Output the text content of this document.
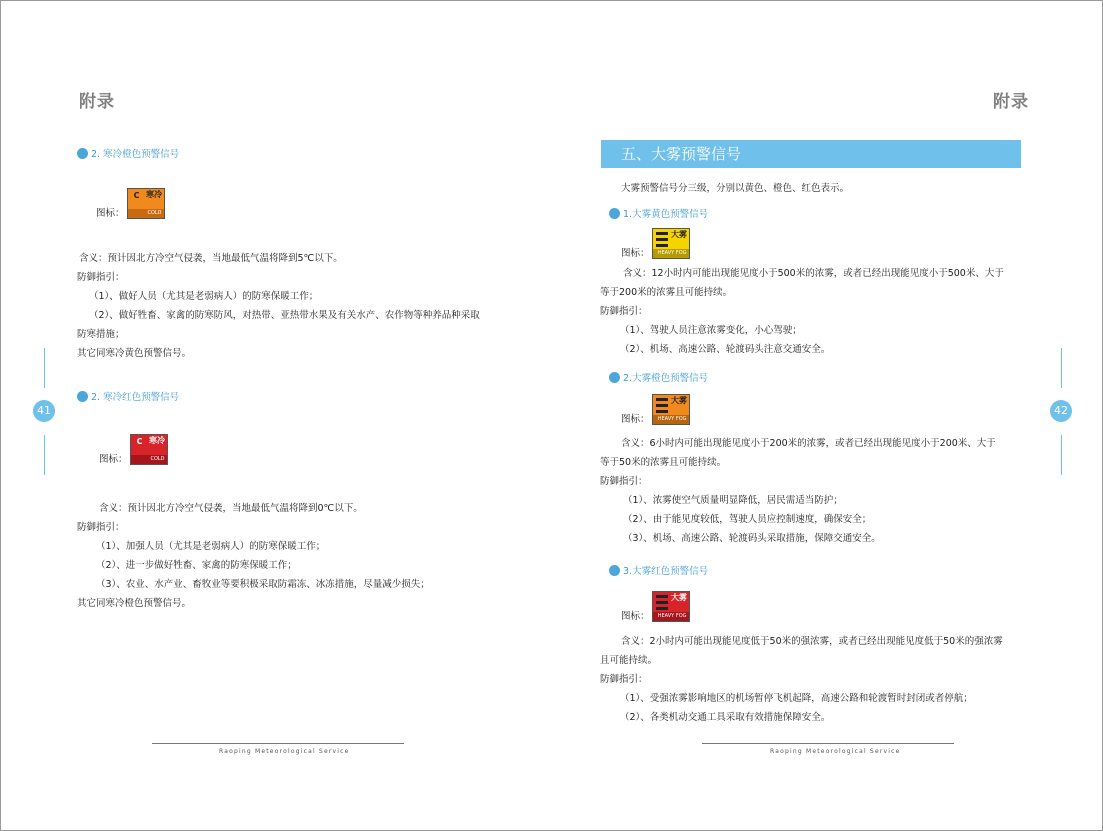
附录
2. 寒冷橙色预警信号
图标：
C 寒冷
COLD
含义：预计因北方冷空气侵袭，当地最低气温将降到5℃以下。
防御指引：
（1）、做好人员（尤其是老弱病人）的防寒保暖工作；
（2）、做好牲畜、家禽的防寒防风，对热带、亚热带水果及有关水产、农作物等种养品种采取
防寒措施；
其它同寒冷黄色预警信号。
2. 寒冷红色预警信号
图标：
C 寒冷
COLD
含义：预计因北方冷空气侵袭，当地最低气温将降到0℃以下。
防御指引：
（1）、加强人员（尤其是老弱病人）的防寒保暖工作；
（2）、进一步做好牲畜、家禽的防寒保暖工作；
（3）、农业、水产业、畜牧业等要积极采取防霜冻、冰冻措施，尽量减少损失；
其它同寒冷橙色预警信号。
41
Raoping Meteorological Service
附录
五、大雾预警信号
大雾预警信号分三级，分别以黄色、橙色、红色表示。
1.大雾黄色预警信号
图标：
大雾
HEAVY FOG
含义：12小时内可能出现能见度小于500米的浓雾，或者已经出现能见度小于500米、大于
等于200米的浓雾且可能持续。
防御指引：
（1）、驾驶人员注意浓雾变化，小心驾驶；
（2）、机场、高速公路、轮渡码头注意交通安全。
2.大雾橙色预警信号
图标：
大雾
HEAVY FOG
含义：6小时内可能出现能见度小于200米的浓雾，或者已经出现能见度小于200米、大于
等于50米的浓雾且可能持续。
防御指引：
（1）、浓雾使空气质量明显降低，居民需适当防护；
（2）、由于能见度较低，驾驶人员应控制速度，确保安全；
（3）、机场、高速公路、轮渡码头采取措施，保障交通安全。
3.大雾红色预警信号
图标：
大雾
HEAVY FOG
含义：2小时内可能出现能见度低于50米的强浓雾，或者已经出现能见度低于50米的强浓雾
且可能持续。
防御指引：
（1）、受强浓雾影响地区的机场暂停飞机起降，高速公路和轮渡暂时封闭或者停航；
（2）、各类机动交通工具采取有效措施保障安全。
42
Raoping Meteorological Service
